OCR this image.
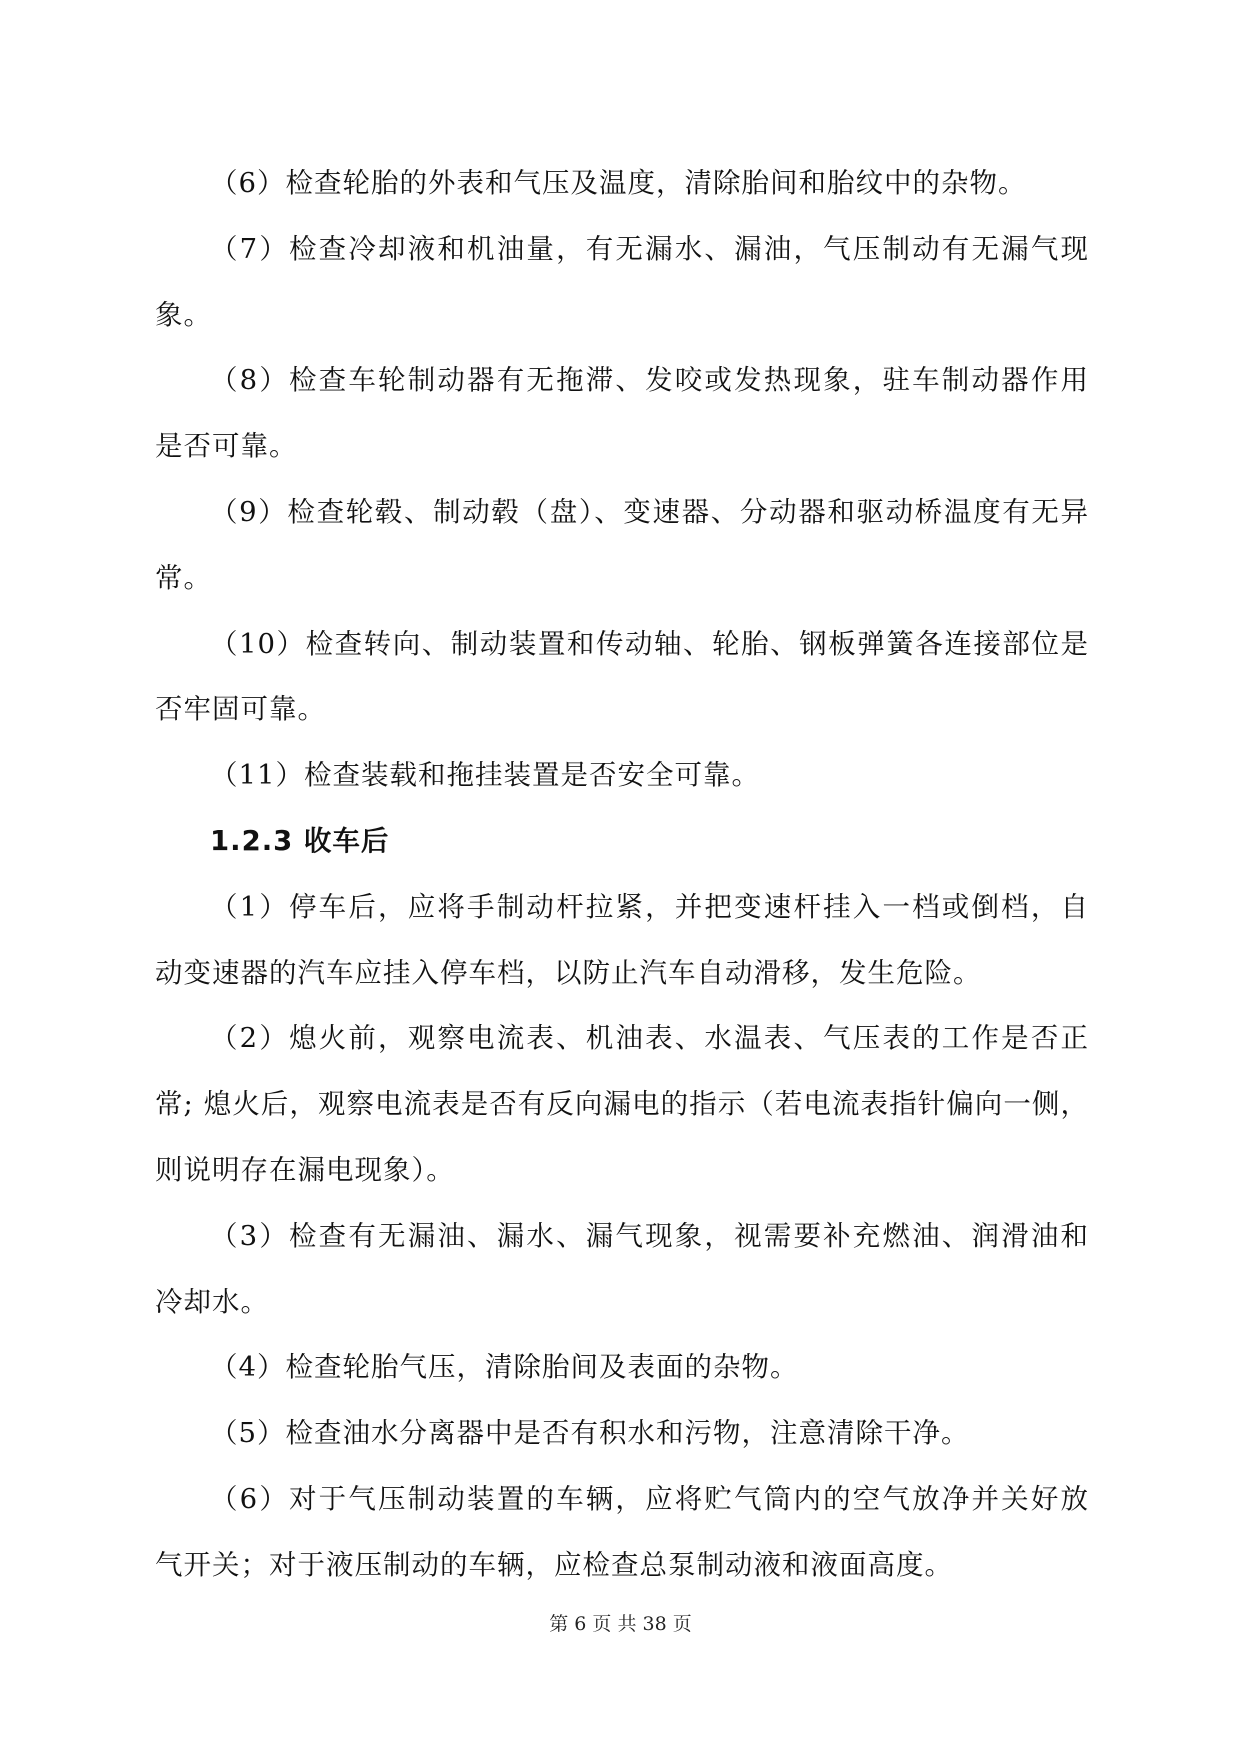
（6）检查轮胎的外表和气压及温度，清除胎间和胎纹中的杂物。
（7）检查冷却液和机油量，有无漏水、漏油，气压制动有无漏气现
象。
（8）检查车轮制动器有无拖滞、发咬或发热现象，驻车制动器作用
是否可靠。
（9）检查轮毂、制动毂（盘）、变速器、分动器和驱动桥温度有无异
常。
（10）检查转向、制动装置和传动轴、轮胎、钢板弹簧各连接部位是
否牢固可靠。
（11）检查装载和拖挂装置是否安全可靠。
1.2.3 收车后
（1）停车后，应将手制动杆拉紧，并把变速杆挂入一档或倒档，自
动变速器的汽车应挂入停车档，以防止汽车自动滑移，发生危险。
（2）熄火前，观察电流表、机油表、水温表、气压表的工作是否正
常; 熄火后，观察电流表是否有反向漏电的指示（若电流表指针偏向一侧，
则说明存在漏电现象）。
（3）检查有无漏油、漏水、漏气现象，视需要补充燃油、润滑油和
冷却水。
（4）检查轮胎气压，清除胎间及表面的杂物。
（5）检查油水分离器中是否有积水和污物，注意清除干净。
（6）对于气压制动装置的车辆，应将贮气筒内的空气放净并关好放
气开关；对于液压制动的车辆，应检查总泵制动液和液面高度。
第 6 页 共 38 页
